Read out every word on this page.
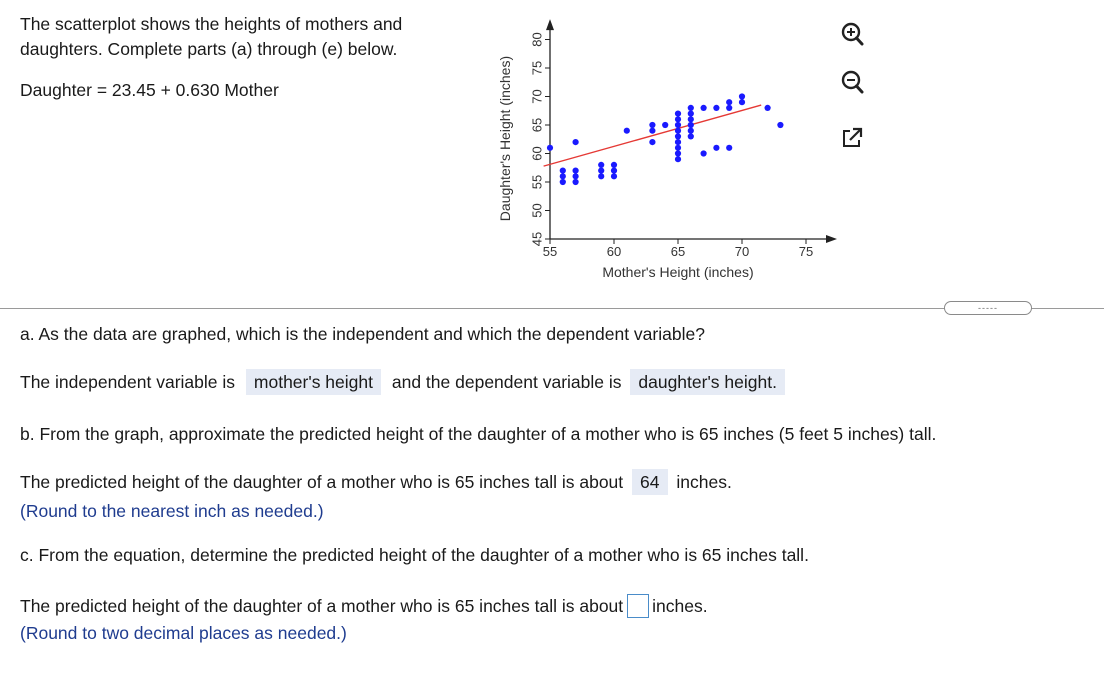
The scatterplot shows the heights of mothers and daughters. Complete parts (a) through (e) below.
Daughter = 23.45 + 0.630 Mother
55	60	65	70	75
45
50
55
60
65
70
75
80
Mother's Height (inches)
Daughter's Height (inches)
-----
a. As the data are graphed, which is the independent and which the dependent variable?
The independent variable is mother's height and the dependent variable is daughter's height.
b. From the graph, approximate the predicted height of the daughter of a mother who is 65 inches (5 feet 5 inches) tall.
The predicted height of the daughter of a mother who is 65 inches tall is about 64 inches.
(Round to the nearest inch as needed.)
c. From the equation, determine the predicted height of the daughter of a mother who is 65 inches tall.
The predicted height of the daughter of a mother who is 65 inches tall is about inches.
(Round to two decimal places as needed.)
